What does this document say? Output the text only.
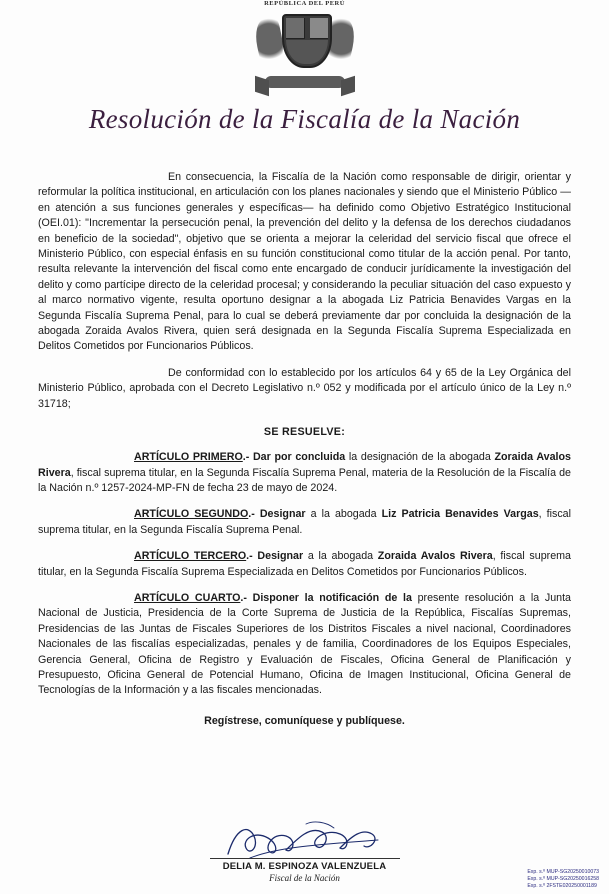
REPÚBLICA DEL PERÚ
Resolución de la Fiscalía de la Nación

En consecuencia, la Fiscalía de la Nación como responsable de dirigir, orientar y reformular la política institucional, en articulación con los planes nacionales y siendo que el Ministerio Público —en atención a sus funciones generales y específicas— ha definido como Objetivo Estratégico Institucional (OEI.01): "Incrementar la persecución penal, la prevención del delito y la defensa de los derechos ciudadanos en beneficio de la sociedad", objetivo que se orienta a mejorar la celeridad del servicio fiscal que ofrece el Ministerio Público, con especial énfasis en su función constitucional como titular de la acción penal. Por tanto, resulta relevante la intervención del fiscal como ente encargado de conducir jurídicamente la investigación del delito y como partícipe directo de la celeridad procesal; y considerando la peculiar situación del caso expuesto y al marco normativo vigente, resulta oportuno designar a la abogada Liz Patricia Benavides Vargas en la Segunda Fiscalía Suprema Penal, para lo cual se deberá previamente dar por concluida la designación de la abogada Zoraida Avalos Rivera, quien será designada en la Segunda Fiscalía Suprema Especializada en Delitos Cometidos por Funcionarios Públicos.

De conformidad con lo establecido por los artículos 64 y 65 de la Ley Orgánica del Ministerio Público, aprobada con el Decreto Legislativo n.º 052 y modificada por el artículo único de la Ley n.º 31718;

SE RESUELVE:

ARTÍCULO PRIMERO.- Dar por concluida la designación de la abogada Zoraida Avalos Rivera, fiscal suprema titular, en la Segunda Fiscalía Suprema Penal, materia de la Resolución de la Fiscalía de la Nación n.º 1257-2024-MP-FN de fecha 23 de mayo de 2024.

ARTÍCULO SEGUNDO.- Designar a la abogada Liz Patricia Benavides Vargas, fiscal suprema titular, en la Segunda Fiscalía Suprema Penal.

ARTÍCULO TERCERO.- Designar a la abogada Zoraida Avalos Rivera, fiscal suprema titular, en la Segunda Fiscalía Suprema Especializada en Delitos Cometidos por Funcionarios Públicos.

ARTÍCULO CUARTO.- Disponer la notificación de la presente resolución a la Junta Nacional de Justicia, Presidencia de la Corte Suprema de Justicia de la República, Fiscalías Supremas, Presidencias de las Juntas de Fiscales Superiores de los Distritos Fiscales a nivel nacional, Coordinadores Nacionales de las fiscalías especializadas, penales y de familia, Coordinadores de los Equipos Especiales, Gerencia General, Oficina de Registro y Evaluación de Fiscales, Oficina General de Planificación y Presupuesto, Oficina General de Potencial Humano, Oficina de Imagen Institucional, Oficina General de Tecnologías de la Información y a las fiscales mencionadas.

Regístrese, comuníquese y publíquese.
DELIA M. ESPINOZA VALENZUELA
Fiscal de la Nación
Exp. s.º MUP-SG20250010073
Exp. s.º MUP-SG20250016258
Exp. s.º 2FSTE020250001189
